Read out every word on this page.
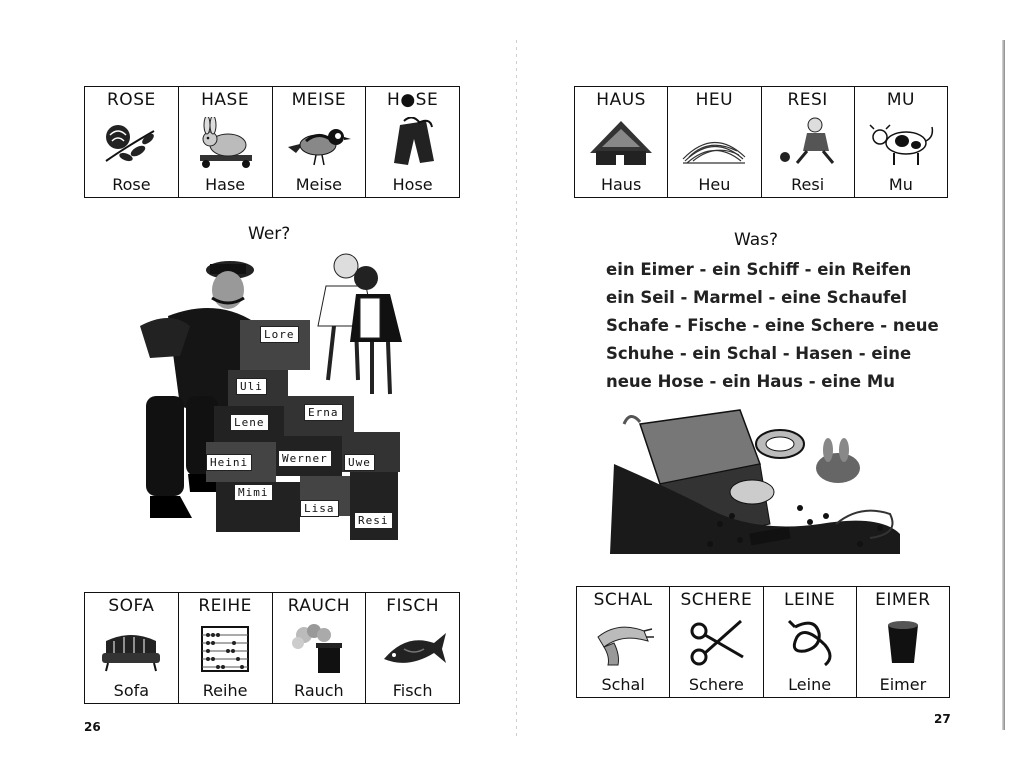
ROSE
Rose
HASE
Hase
MEISE
Meise
H●SE
Hose
Wer?
Lore
Uli
Lene
Erna
Heini	Werner	Uwe
Mimi
Lisa
Resi
SOFA
Sofa
REIHE
Reihe
RAUCH
Rauch
FISCH
Fisch
26
HAUS
Haus
HEU
Heu
RESI
Resi
MU
Mu
Was?
ein Eimer - ein Schiff - ein Reifen
ein Seil - Marmel - eine Schaufel
Schafe - Fische - eine Schere - neue
Schuhe - ein Schal - Hasen - eine
neue Hose - ein Haus - eine Mu
SCHAL
Schal
SCHERE
Schere
LEINE
Leine
EIMER
Eimer
27
